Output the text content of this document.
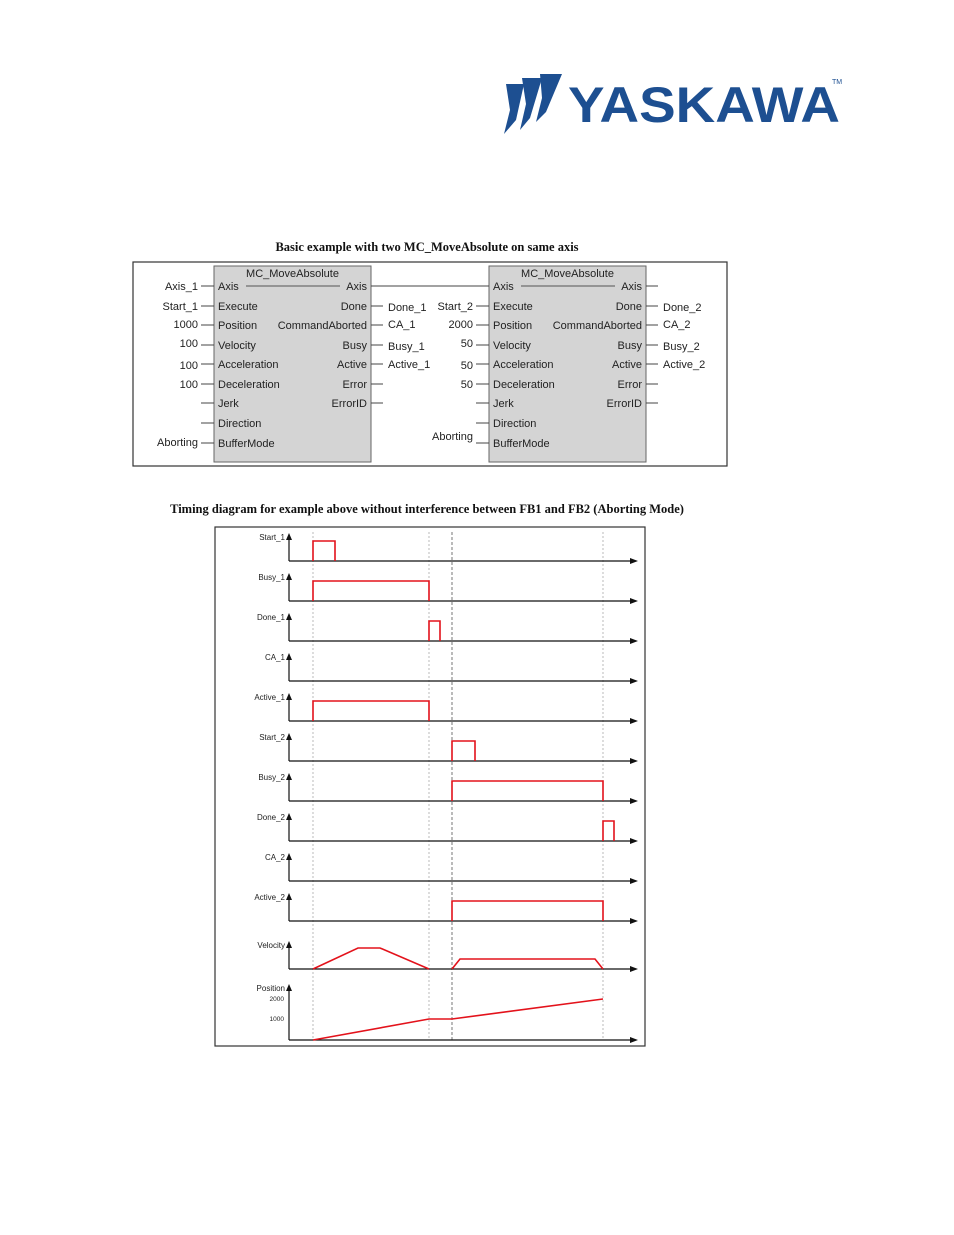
YASKAWA
TM
Basic example with two MC_MoveAbsolute on same axis
MC_MoveAbsolute
Axis
Axis_1
Execute
Start_1
Position
1000
Velocity
100
Acceleration
100
Deceleration
100
Jerk
Direction
BufferMode
Aborting
Axis
Done Done_1
CommandAborted CA_1
Busy Busy_1
Active Active_1
Error
ErrorID
MC_MoveAbsolute
Axis
Execute
Start_2
Position
2000
Velocity
50
Acceleration
50
Deceleration
50
Jerk
Direction
BufferMode
Aborting
Axis
Done Done_2
CommandAborted CA_2
Busy Busy_2
Active Active_2
Error
ErrorID
Timing diagram for example above without interference between FB1 and FB2 (Aborting Mode)
Start_1
Busy_1
Done_1
CA_1
Active_1
Start_2
Busy_2
Done_2
CA_2
Active_2
Velocity
Position
2000
1000
